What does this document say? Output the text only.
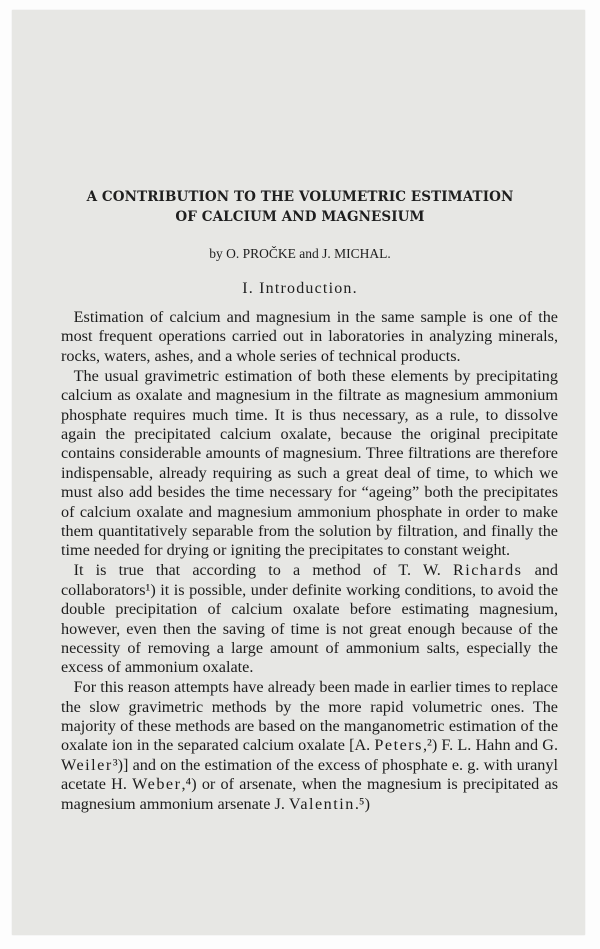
A CONTRIBUTION TO THE VOLUMETRIC ESTIMATION
OF CALCIUM AND MAGNESIUM
by O. PROČKE and J. MICHAL.
I. Introduction.

Estimation of calcium and magnesium in the same sample is one of the most frequent operations carried out in laboratories in analyzing minerals, rocks, waters, ashes, and a whole series of technical products.

The usual gravimetric estimation of both these elements by precipitating calcium as oxalate and magnesium in the filtrate as magnesium ammonium phosphate requires much time. It is thus necessary, as a rule, to dissolve again the precipitated calcium oxalate, because the original precipitate contains considerable amounts of magnesium. Three filtrations are therefore indispensable, already requiring as such a great deal of time, to which we must also add besides the time necessary for “ageing” both the precipitates of calcium oxalate and magnesium ammonium phosphate in order to make them quantitatively separable from the solution by filtration, and finally the time needed for drying or igniting the precipitates to constant weight.

It is true that according to a method of T. W. Richards and collaborators¹) it is possible, under definite working conditions, to avoid the double precipitation of calcium oxalate before estimating magnesium, however, even then the saving of time is not great enough because of the necessity of removing a large amount of ammonium salts, especially the excess of ammonium oxalate.

For this reason attempts have already been made in earlier times to replace the slow gravimetric methods by the more rapid volumetric ones. The majority of these methods are based on the manganometric estimation of the oxalate ion in the separated calcium oxalate [A. Peters,²) F. L. Hahn and G. Weiler³)] and on the estimation of the excess of phosphate e. g. with uranyl acetate H. Weber,⁴) or of arsenate, when the magnesium is precipitated as magnesium ammonium arsenate J. Valentin.⁵)
